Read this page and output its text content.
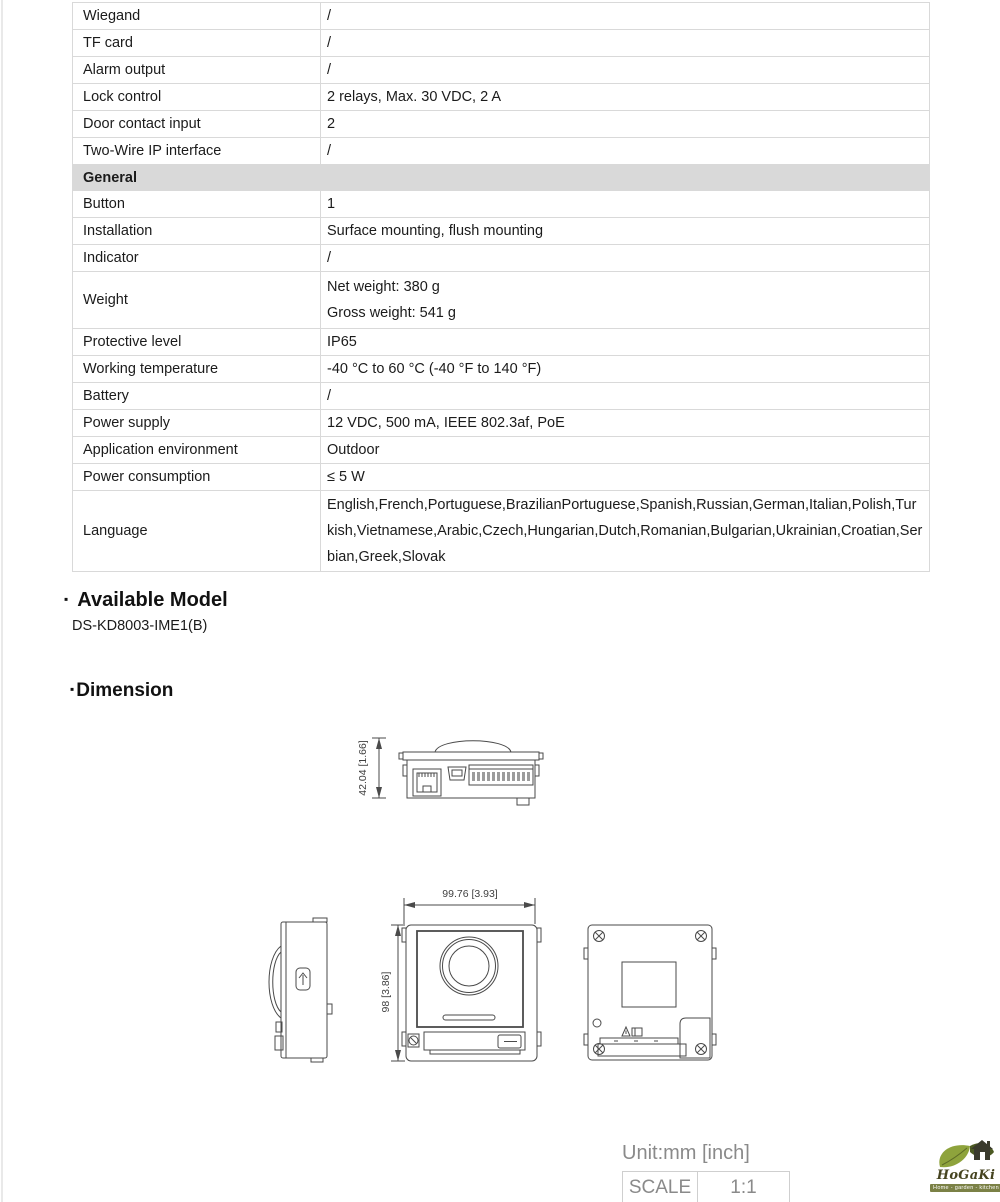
Wiegand	/
TF card	/
Alarm output	/
Lock control	2 relays, Max. 30 VDC, 2 A
Door contact input	2
Two-Wire IP interface	/
General	
Button	1
Installation	Surface mounting, flush mounting
Indicator	/
Weight	Net weight: 380 g
Gross weight: 541 g

Protective level	IP65
Working temperature	-40 °C to 60 °C (-40 °F to 140 °F)
Battery	/
Power supply	12 VDC, 500 mA, IEEE 802.3af, PoE
Application environment	Outdoor
Power consumption	≤ 5 W
Language	English,French,Portuguese,BrazilianPortuguese,Spanish,Russian,German,Italian,Polish,Turkish,Vietnamese,Arabic,Czech,Hungarian,Dutch,Romanian,Bulgarian,Ukrainian,Croatian,Serbian,Greek,Slovak
▪ Available Model
DS-KD8003-IME1(B)
▪ Dimension
42.04 [1.66]
99.76 [3.93]
98 [3.86]
Unit:mm [inch]
SCALE	1:1
HoGaKi
Home - garden - kitchen
